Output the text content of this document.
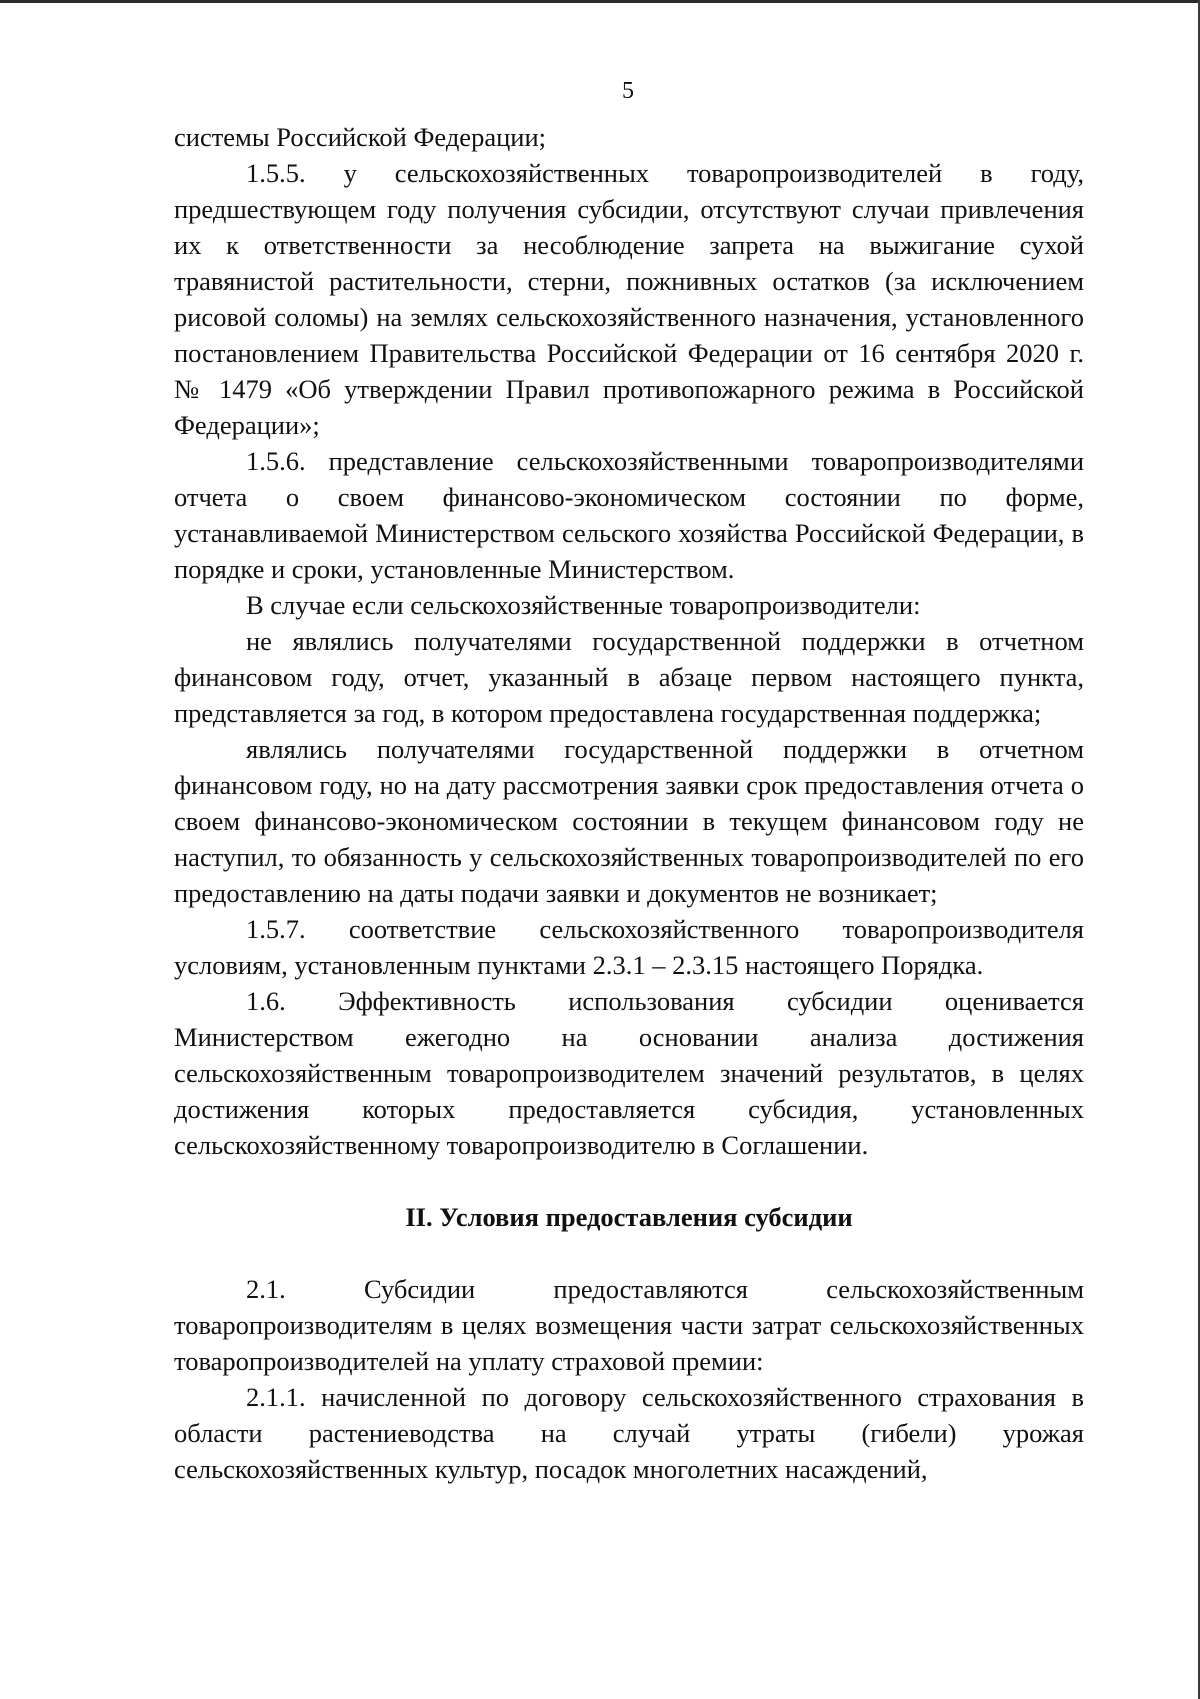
5

системы Российской Федерации;

1.5.5. у сельскохозяйственных товаропроизводителей в году, предшествующем году получения субсидии, отсутствуют случаи привлечения их к ответственности за несоблюдение запрета на выжигание сухой травянистой растительности, стерни, пожнивных остатков (за исключением рисовой соломы) на землях сельскохозяйственного назначения, установленного постановлением Правительства Российской Федерации от 16 сентября 2020 г. № 1479 «Об утверждении Правил противопожарного режима в Российской Федерации»;

1.5.6. представление сельскохозяйственными товаропроизводителями отчета о своем финансово-экономическом состоянии по форме, устанавливаемой Министерством сельского хозяйства Российской Федерации, в порядке и сроки, установленные Министерством.

В случае если сельскохозяйственные товаропроизводители:

не являлись получателями государственной поддержки в отчетном финансовом году, отчет, указанный в абзаце первом настоящего пункта, представляется за год, в котором предоставлена государственная поддержка;

являлись получателями государственной поддержки в отчетном финансовом году, но на дату рассмотрения заявки срок предоставления отчета о своем финансово-экономическом состоянии в текущем финансовом году не наступил, то обязанность у сельскохозяйственных товаропроизводителей по его предоставлению на даты подачи заявки и документов не возникает;

1.5.7. соответствие сельскохозяйственного товаропроизводителя условиям, установленным пунктами 2.3.1 – 2.3.15 настоящего Порядка.

1.6. Эффективность использования субсидии оценивается Министерством ежегодно на основании анализа достижения сельскохозяйственным товаропроизводителем значений результатов, в целях достижения которых предоставляется субсидия, установленных сельскохозяйственному товаропроизводителю в Соглашении.

II. Условия предоставления субсидии

2.1. Субсидии предоставляются сельскохозяйственным товаропроизводителям в целях возмещения части затрат сельскохозяйственных товаропроизводителей на уплату страховой премии:

2.1.1. начисленной по договору сельскохозяйственного страхования в области растениеводства на случай утраты (гибели) урожая сельскохозяйственных культур, посадок многолетних насаждений,
